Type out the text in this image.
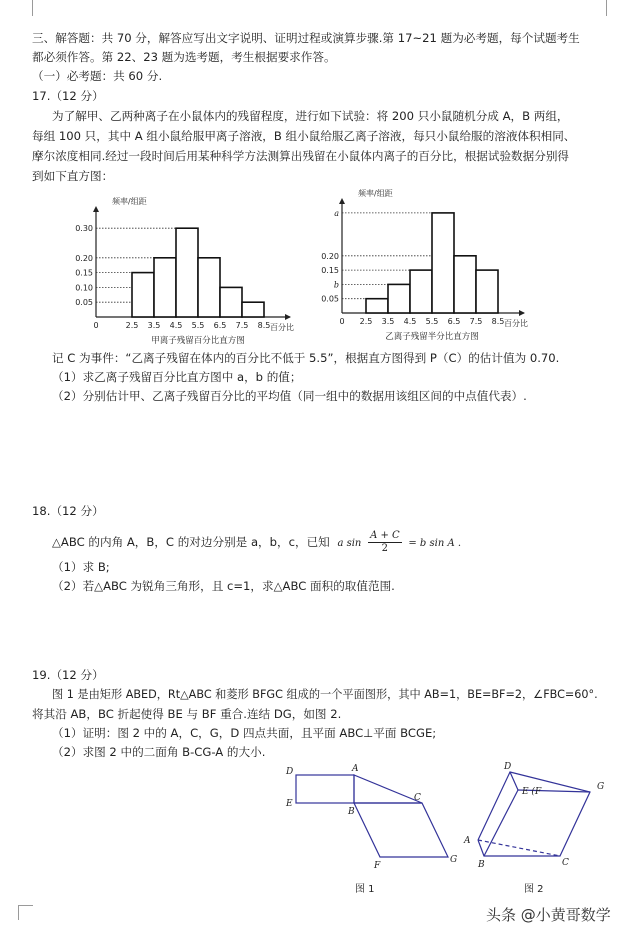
三、解答题：共 70 分，解答应写出文字说明、证明过程或演算步骤.第 17~21 题为必考题，每个试题考生
都必须作答。第 22、23 题为选考题，考生根据要求作答。
（一）必考题：共 60 分.
17.（12 分）
为了解甲、乙两种离子在小鼠体内的残留程度，进行如下试验：将 200 只小鼠随机分成 A，B 两组，
每组 100 只，其中 A 组小鼠给服甲离子溶液，B 组小鼠给服乙离子溶液，每只小鼠给服的溶液体积相同、
摩尔浓度相同.经过一段时间后用某种科学方法测算出残留在小鼠体内离子的百分比，根据试验数据分别得
到如下直方图：
频率/组距
0.05
0.10
0.15
0.20
0.30
0	2.5 3.5 4.5 5.5 6.5 7.5 8.5 百分比
甲离子残留百分比直方图
频率/组距
0.05
b
0.15
0.20
a
0 2.5 3.5 4.5 5.5 6.5 7.5 8.5 百分比
乙离子残留半分比直方图
记 C 为事件：“乙离子残留在体内的百分比不低于 5.5”，根据直方图得到 P（C）的估计值为 0.70.
（1）求乙离子残留百分比直方图中 a，b 的值；
（2）分别估计甲、乙离子残留百分比的平均值（同一组中的数据用该组区间的中点值代表）.
18.（12 分）
△ABC 的内角 A，B，C 的对边分别是 a，b，c，已知 a $\sin \frac{A + C}{2} = b$ sin A .
（1）求 B;
（2）若△ABC 为锐角三角形，且 c=1，求△ABC 面积的取值范围.
19.（12 分）
图 1 是由矩形 ABED，Rt△ABC 和菱形 BFGC 组成的一个平面图形，其中 AB=1，BE=BF=2，∠FBC=60°.
将其沿 AB，BC 折起使得 BE 与 BF 重合.连结 DG，如图 2.
（1）证明：图 2 中的 A，C，G，D 四点共面，且平面 ABC⊥平面 BCGE;
（2）求图 2 中的二面角 B-CG-A 的大小.
D	A
E
B
C
F
G
图 1
D
E (F	G
A
B	C
图 2
头条 @小黄哥数学
